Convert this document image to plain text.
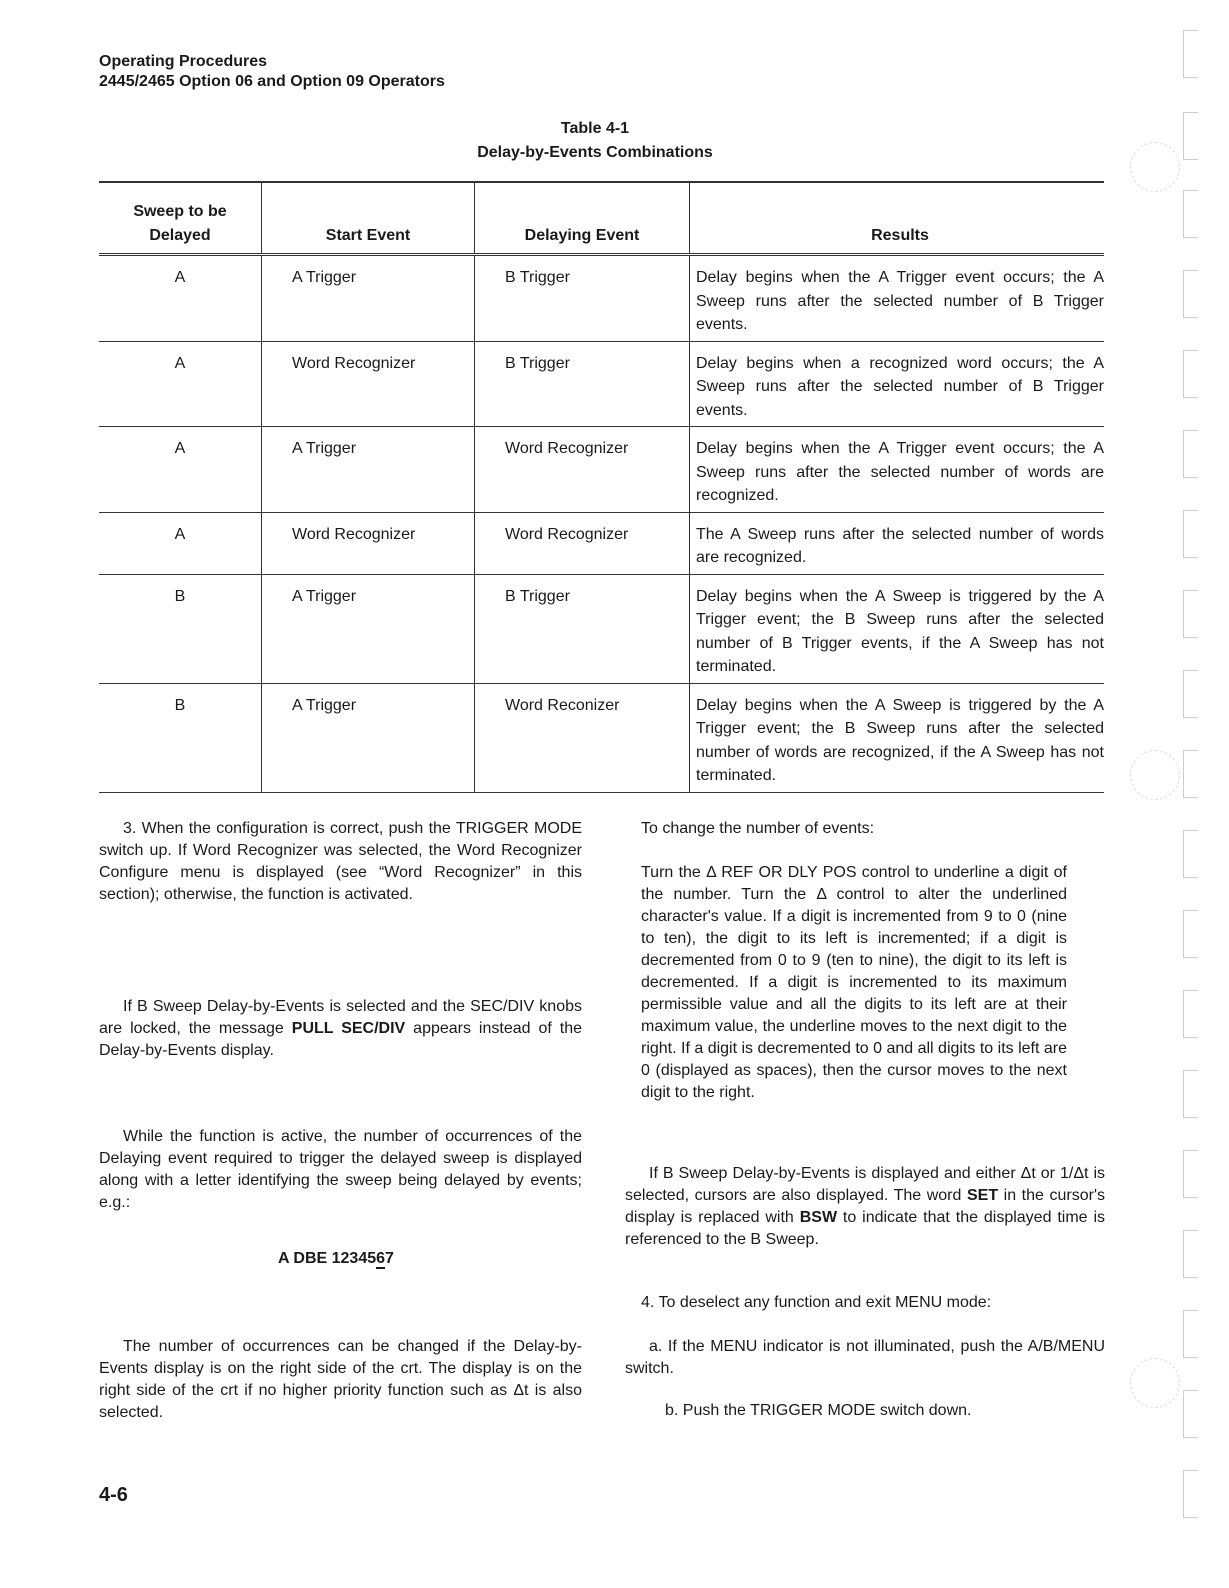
Operating Procedures
2445/2465 Option 06 and Option 09 Operators
Table 4-1
Delay-by-Events Combinations
Sweep to be
Delayed	Start Event	Delaying Event	Results
A	A Trigger	B Trigger	Delay begins when the A Trigger event occurs; the A Sweep runs after the selected number of B Trigger events.
A	Word Recognizer	B Trigger	Delay begins when a recognized word occurs; the A Sweep runs after the selected number of B Trigger events.
A	A Trigger	Word Recognizer	Delay begins when the A Trigger event occurs; the A Sweep runs after the selected number of words are recognized.
A	Word Recognizer	Word Recognizer	The A Sweep runs after the selected number of words are recognized.
B	A Trigger	B Trigger	Delay begins when the A Sweep is triggered by the A Trigger event; the B Sweep runs after the selected number of B Trigger events, if the A Sweep has not terminated.
B	A Trigger	Word Reconizer	Delay begins when the A Sweep is triggered by the A Trigger event; the B Sweep runs after the selected number of words are recognized, if the A Sweep has not terminated.
3. When the configuration is correct, push the TRIGGER MODE switch up. If Word Recognizer was selected, the Word Recognizer Configure menu is displayed (see “Word Recognizer” in this section); otherwise, the function is activated.
If B Sweep Delay-by-Events is selected and the SEC/DIV knobs are locked, the message PULL SEC/DIV appears instead of the Delay-by-Events display.
While the function is active, the number of occurrences of the Delaying event required to trigger the delayed sweep is displayed along with a letter identifying the sweep being delayed by events; e.g.:
A DBE 1234567
The number of occurrences can be changed if the Delay-by-Events display is on the right side of the crt. The display is on the right side of the crt if no higher priority function such as Δt is also selected.
To change the number of events:
Turn the Δ REF OR DLY POS control to underline a digit of the number. Turn the Δ control to alter the underlined character's value. If a digit is incremented from 9 to 0 (nine to ten), the digit to its left is incremented; if a digit is decremented from 0 to 9 (ten to nine), the digit to its left is decremented. If a digit is incremented to its maximum permissible value and all the digits to its left are at their maximum value, the underline moves to the next digit to the right. If a digit is decremented to 0 and all digits to its left are 0 (displayed as spaces), then the cursor moves to the next digit to the right.
If B Sweep Delay-by-Events is displayed and either Δt or 1/Δt is selected, cursors are also displayed. The word SET in the cursor's display is replaced with BSW to indicate that the displayed time is referenced to the B Sweep.
4. To deselect any function and exit MENU mode:
a. If the MENU indicator is not illuminated, push the A/B/MENU switch.
b. Push the TRIGGER MODE switch down.
4-6
